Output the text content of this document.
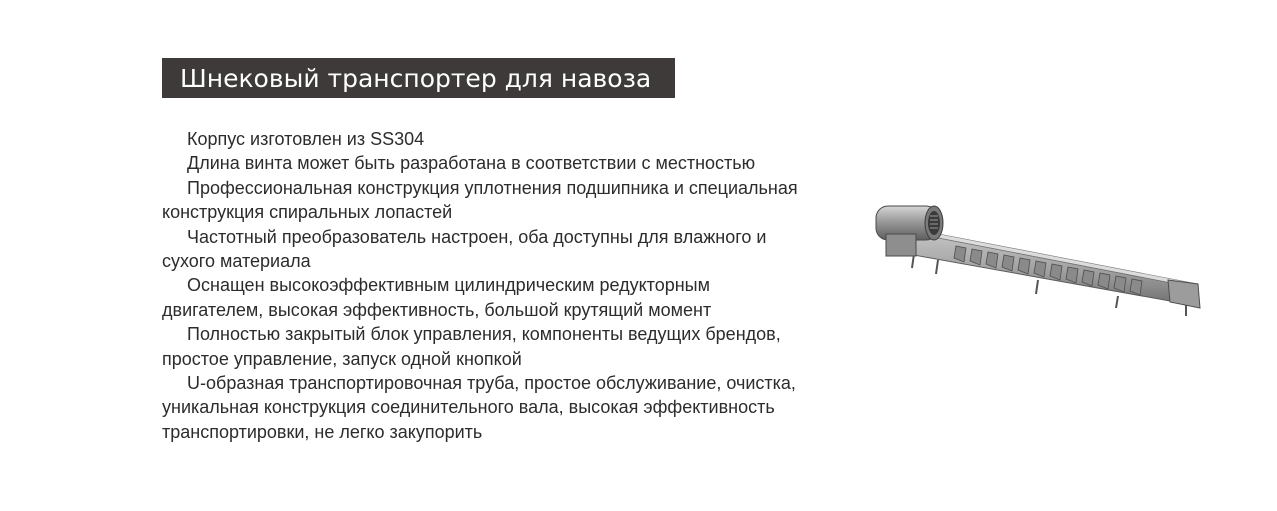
Шнековый транспортер для навоза
Корпус изготовлен из SS304
Длина винта может быть разработана в соответствии с местностью
Профессиональная конструкция уплотнения подшипника и специальная конструкция спиральных лопастей
Частотный преобразователь настроен, оба доступны для влажного и сухого материала
Оснащен высокоэффективным цилиндрическим редукторным двигателем, высокая эффективность, большой крутящий момент
Полностью закрытый блок управления, компоненты ведущих брендов, простое управление, запуск одной кнопкой
U-образная транспортировочная труба, простое обслуживание, очистка, уникальная конструкция соединительного вала, высокая эффективность транспортировки, не легко закупорить
